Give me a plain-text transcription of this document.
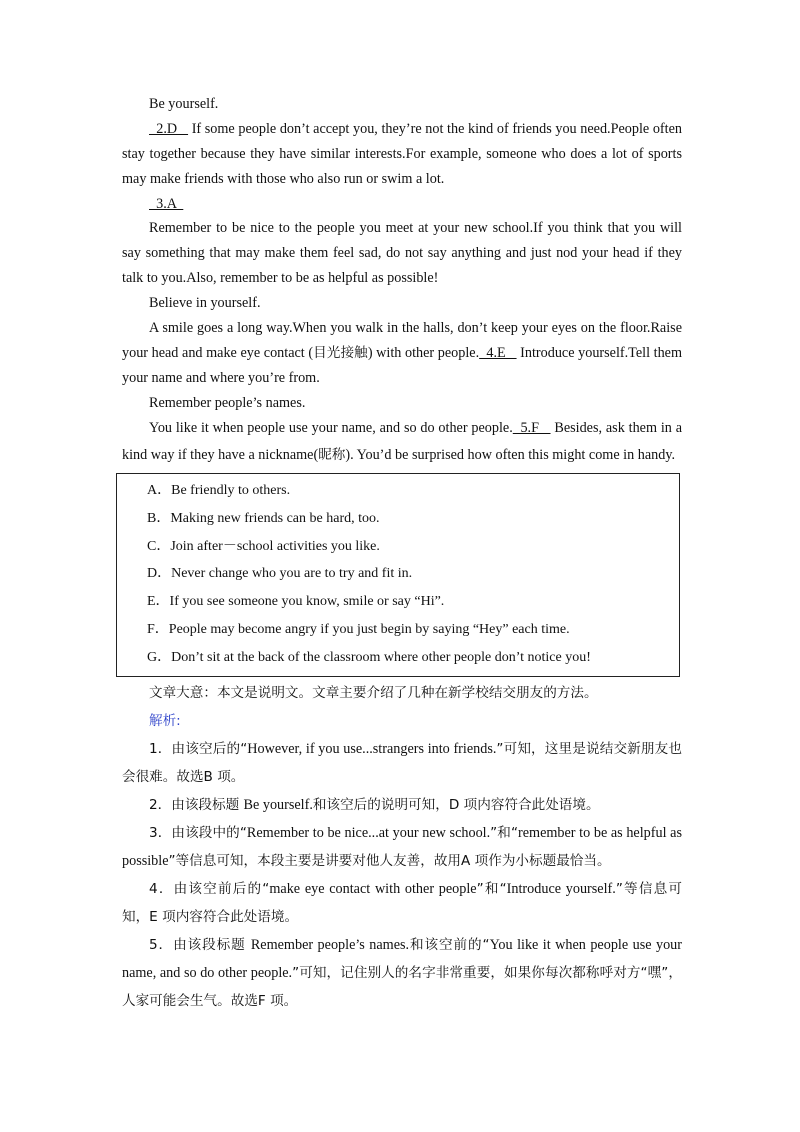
Be yourself.
2.D    If some people don’t accept you, they’re not the kind of friends you need.People often stay together because they have similar interests.For example, someone who does a lot of sports may make friends with those who also run or swim a lot.
3.A
Remember to be nice to the people you meet at your new school.If you think that you will say something that may make them feel sad, do not say anything and just nod your head if they talk to you.Also, remember to be as helpful as possible!
Believe in yourself.
A smile goes a long way.When you walk in the halls, don’t keep your eyes on the floor.Raise your head and make eye contact (目光接触) with other people.  4.E    Introduce yourself.Tell them your name and where you’re from.
Remember people’s names.
You like it when people use your name, and so do other people.  5.F    Besides, ask them in a kind way if they have a nickname(昵称). You’d be surprised how often this might come in handy.
A．Be friendly to others.
B．Making new friends can be hard, too.
C．Join after－school activities you like.
D．Never change who you are to try and fit in.
E．If you see someone you know, smile or say “Hi”.
F．People may become angry if you just begin by saying “Hey” each time.
G．Don’t sit at the back of the classroom where other people don’t notice you!
文章大意：本文是说明文。文章主要介绍了几种在新学校结交朋友的方法。
解析:
1．由该空后的“However, if you use...strangers into friends.”可知，这里是说结交新朋友也会很难。故选B 项。
2．由该段标题 Be yourself.和该空后的说明可知，D 项内容符合此处语境。
3．由该段中的“Remember to be nice...at your new school.”和“remember to be as helpful as possible”等信息可知，本段主要是讲要对他人友善，故用A 项作为小标题最恰当。
4．由该空前后的“make eye contact with other people”和“Introduce yourself.”等信息可知，E 项内容符合此处语境。
5．由该段标题 Remember people’s names.和该空前的“You like it when people use your name, and so do other people.”可知，记住别人的名字非常重要，如果你每次都称呼对方“嘿”，人家可能会生气。故选F 项。
